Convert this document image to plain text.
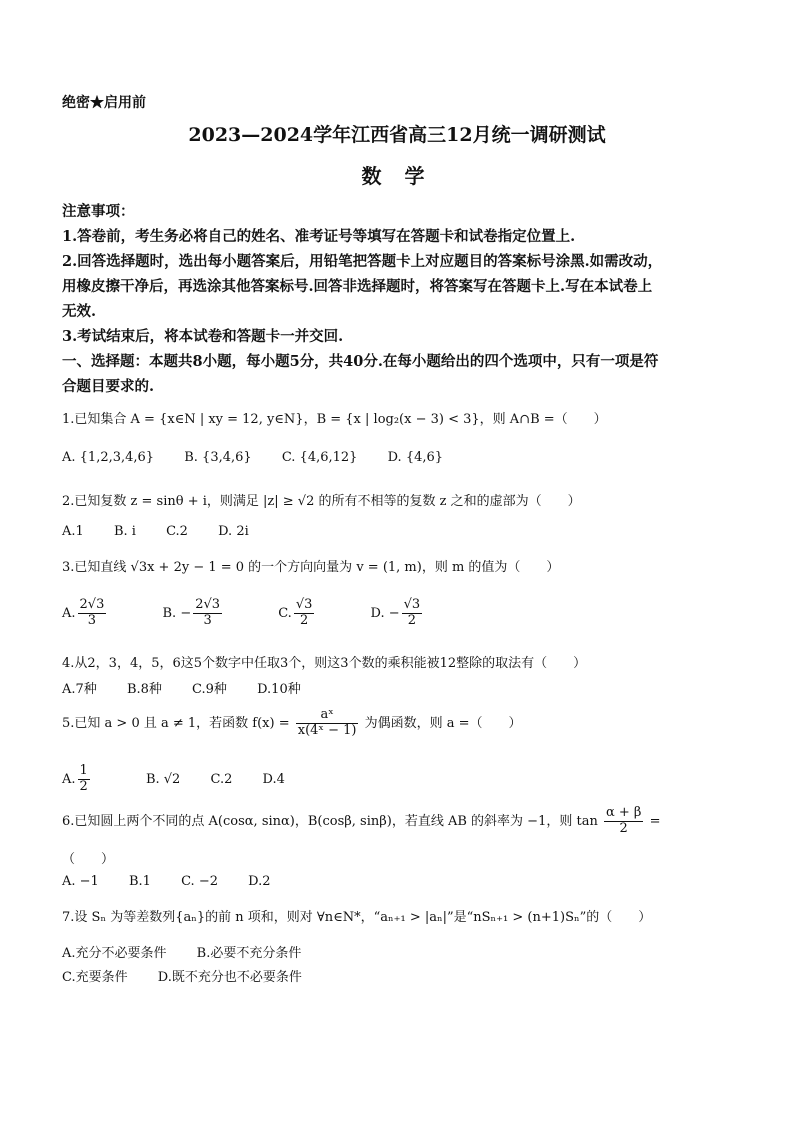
绝密★启用前
2023—2024学年江西省高三12月统一调研测试
数 学
注意事项：
1.答卷前，考生务必将自己的姓名、准考证号等填写在答题卡和试卷指定位置上.
2.回答选择题时，选出每小题答案后，用铅笔把答题卡上对应题目的答案标号涂黑.如需改动，
用橡皮擦干净后，再选涂其他答案标号.回答非选择题时，将答案写在答题卡上.写在本试卷上
无效.
3.考试结束后，将本试卷和答题卡一并交回.
一、选择题：本题共8小题，每小题5分，共40分.在每小题给出的四个选项中，只有一项是符
合题目要求的.
1.已知集合 A = {x∈N | xy = 12, y∈N}，B = {x | log₂(x − 3) < 3}，则 A∩B =（　　）
A. {1,2,3,4,6} B. {3,4,6} C. {4,6,12} D. {4,6}
2.已知复数 z = sinθ + i，则满足 |z| ≥ √2 的所有不相等的复数 z 之和的虚部为（　　）
A.1 B. i C.2 D. 2i
3.已知直线 √3x + 2y − 1 = 0 的一个方向向量为 v = (1, m)，则 m 的值为（　　）
A. $\frac{2√3}{3} B$. − $\frac{2√3}{3} C$. $\frac{√3}{2} D$. − $\frac{√3}{2}$
4.从2，3，4，5，6这5个数字中任取3个，则这3个数的乘积能被12整除的取法有（　　）
A.7种 B.8种 C.9种 D.10种
5.已知 a > 0 且 a ≠ 1，若函数 $f(x) = \frac{\text{aˣ}}{\text{x(4ˣ − 1)}}$ 为偶函数，则 a =（　　）
A. $\frac{1}{2} B$. √2 C.2 D.4
6.已知圆上两个不同的点 A(cosα, sinα)，B(cosβ, sinβ)，若直线 AB 的斜率为 −1，则 $\tan \frac{\alpha + \beta}{2}$ =
（　　）
A. −1 B.1 C. −2 D.2
7.设 Sₙ 为等差数列{aₙ}的前 n 项和，则对 ∀n∈N*，“aₙ₊₁ > |aₙ|”是“nSₙ₊₁ > (n+1)Sₙ”的（　　）
A.充分不必要条件 B.必要不充分条件
C.充要条件 D.既不充分也不必要条件
